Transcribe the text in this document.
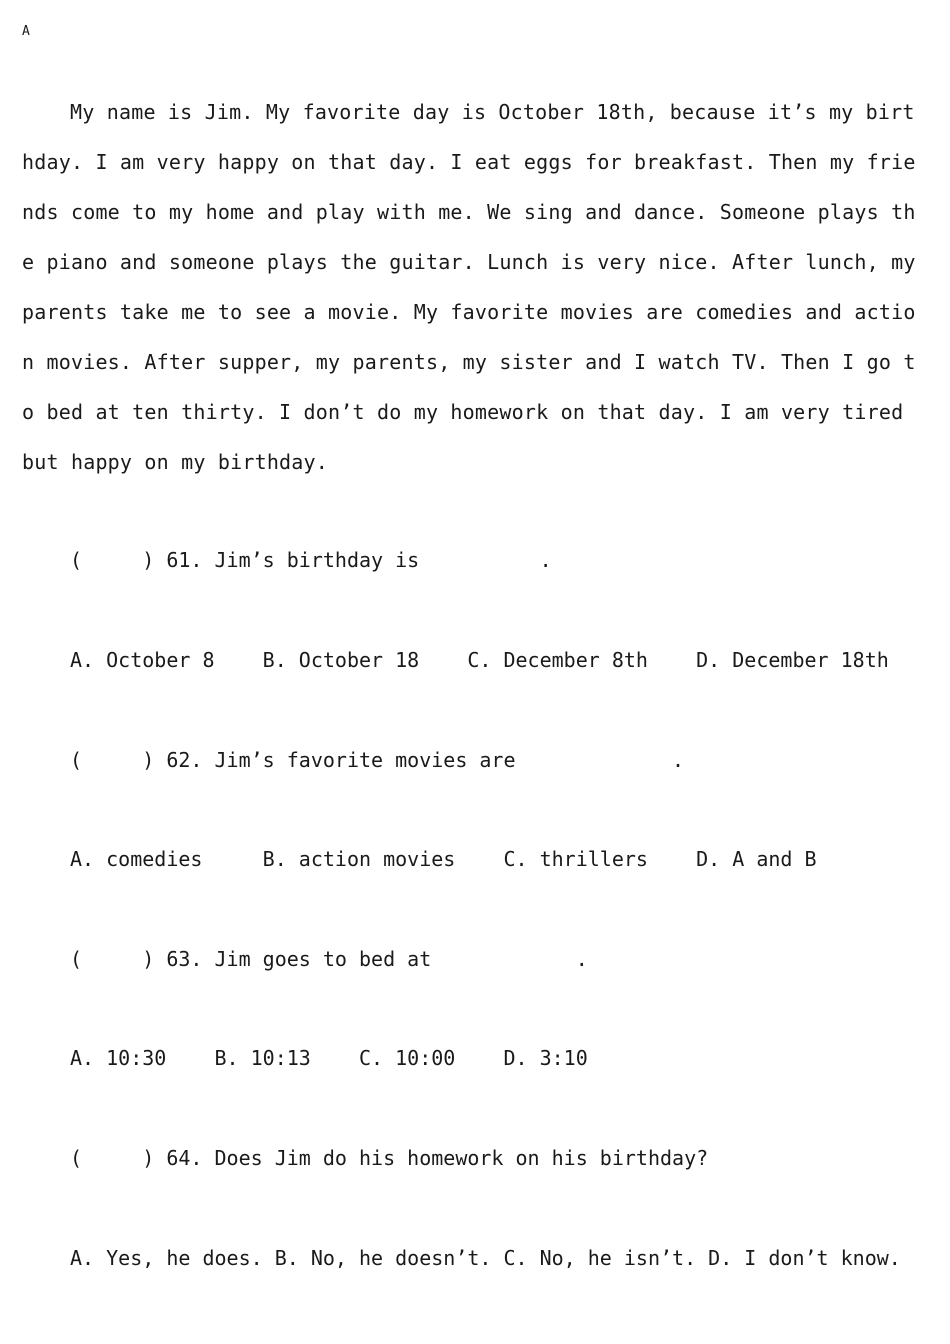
A

My name is Jim. My favorite day is October 18th, because it’s my birthday. I am very happy on that day. I eat eggs for breakfast. Then my friends come to my home and play with me. We sing and dance. Someone plays the piano and someone plays the guitar. Lunch is very nice. After lunch, my parents take me to see a movie. My favorite movies are comedies and action movies. After supper, my parents, my sister and I watch TV. Then I go to bed at ten thirty. I don’t do my homework on that day. I am very tired but happy on my birthday.

(     ) 61. Jim’s birthday is          .
A. October 8    B. October 18    C. December 8th    D. December 18th
(     ) 62. Jim’s favorite movies are             .
A. comedies     B. action movies    C. thrillers    D. A and B
(     ) 63. Jim goes to bed at            .
A. 10:30    B. 10:13    C. 10:00    D. 3:10
(     ) 64. Does Jim do his homework on his birthday?

A. Yes, he does. B. No, he doesn’t. C. No, he isn’t. D. I don’t know.
